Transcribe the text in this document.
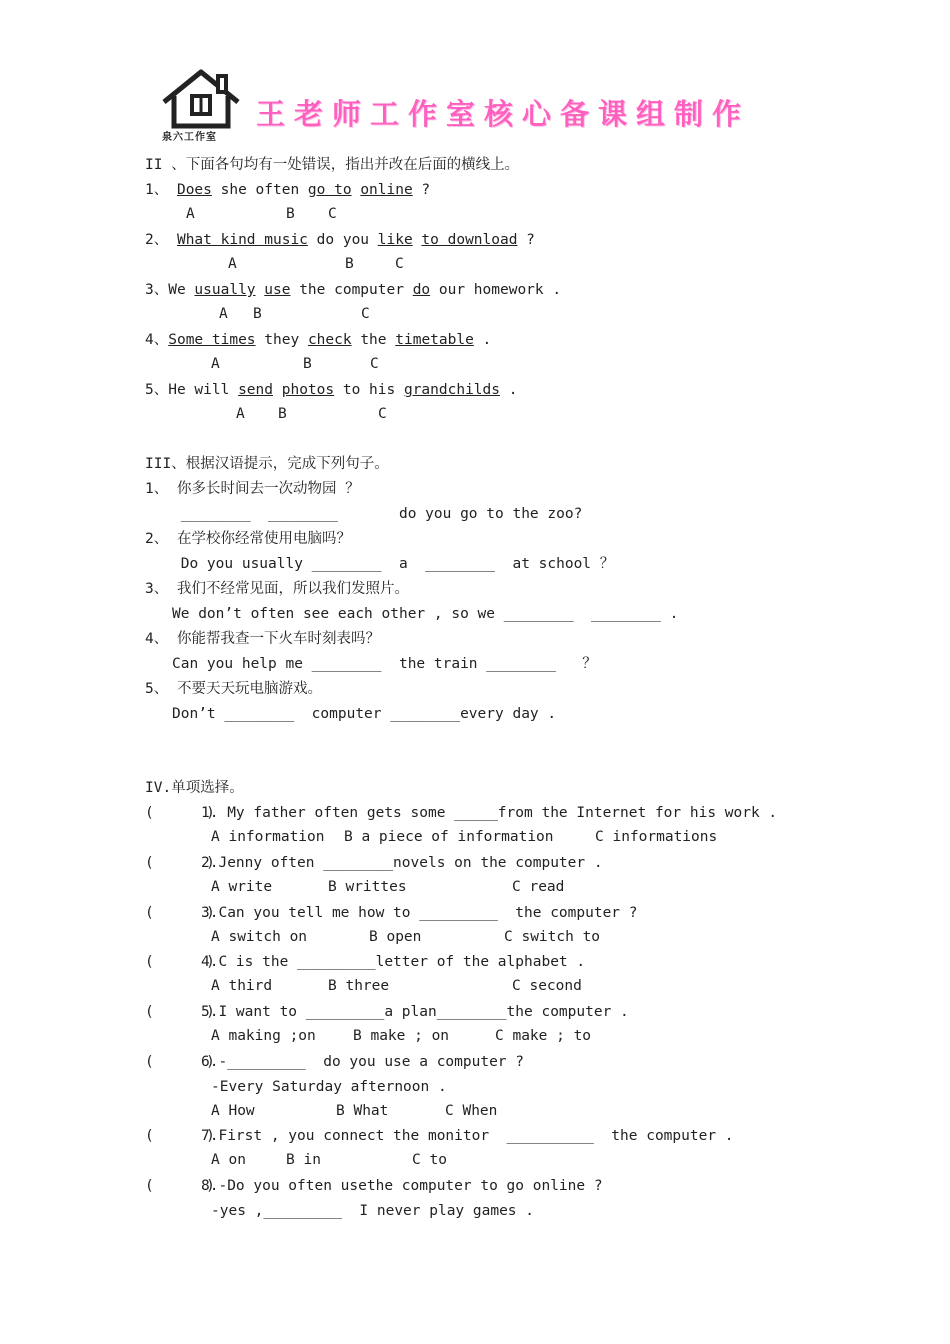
泉六工作室
王老师工作室核心备课组制作
II 、下面各句均有一处错误，指出并改在后面的横线上。
1、 Does she often go to online ?
A	B C
2、 What kind music do you like to download ?
A	B	C
3、We usually use the computer do our homework .
A B	C
4、Some times they check the timetable .
A	B	C
5、He will send photos to his grandchilds .
A B	C
III、根据汉语提示，完成下列句子。
1、 你多长时间去一次动物园 ？
________  ________       do you go to the zoo?
2、 在学校你经常使用电脑吗？
Do you usually ________  a  ________  at school ？
3、 我们不经常见面，所以我们发照片。
We don’t often see each other , so we ________  ________ .
4、 你能帮我查一下火车时刻表吗？
Can you help me ________  the train ________   ？
5、 不要天天玩电脑游戏。
Don’t ________  computer ________every day .
IV.单项选择。
(      )
1. My father often gets some _____from the Internet for his work .
A information B a piece of information	C informations
(      )
2.Jenny often ________novels on the computer .
A write	B writtes	C read
(      )
3.Can you tell me how to _________  the computer ?
A switch on	B open	C switch to
(      )
4.C is the _________letter of the alphabet .
A third	B three	C second
(      )
5.I want to _________a plan________the computer .
A making ;on	B make ; on	C make ; to
(      )
6.-_________  do you use a computer ?
-Every Saturday afternoon .
A How	B What	C When
(      )
7.First , you connect the monitor  __________  the computer .
A on	B in	C to
(      )
8.-Do you often usethe computer to go online ?
-yes ,_________  I never play games .
